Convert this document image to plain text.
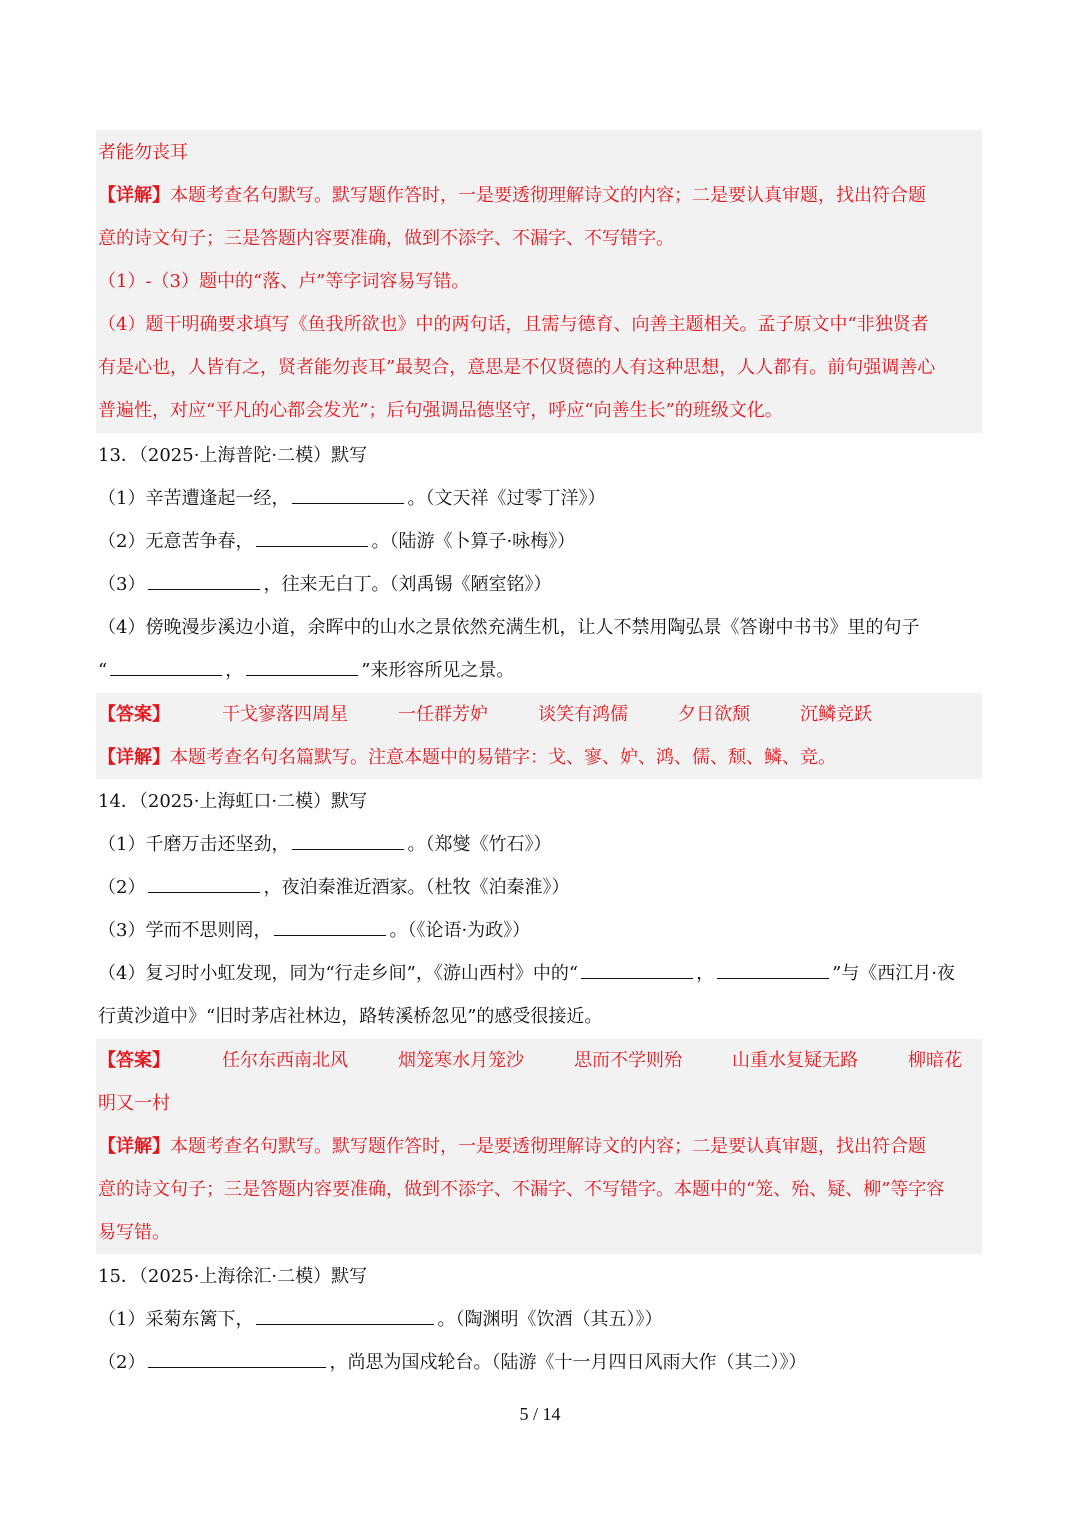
者能勿丧耳
【详解】本题考查名句默写。默写题作答时，一是要透彻理解诗文的内容；二是要认真审题，找出符合题
意的诗文句子；三是答题内容要准确，做到不添字、不漏字、不写错字。
（1）-（3）题中的“落、卢”等字词容易写错。
（4）题干明确要求填写《鱼我所欲也》中的两句话，且需与德育、向善主题相关。孟子原文中“非独贤者
有是心也，人皆有之，贤者能勿丧耳”最契合，意思是不仅贤德的人有这种思想，人人都有。前句强调善心
普遍性，对应“平凡的心都会发光”；后句强调品德坚守，呼应“向善生长”的班级文化。
13．（2025·上海普陀·二模）默写
（1）辛苦遭逢起一经，	。（文天祥《过零丁洋》）
（2）无意苦争春，	。（陆游《卜算子·咏梅》）
（3）	，往来无白丁。（刘禹锡《陋室铭》）
（4）傍晚漫步溪边小道，余晖中的山水之景依然充满生机，让人不禁用陶弘景《答谢中书书》里的句子
“	，	”来形容所见之景。
【答案】	干戈寥落四周星	一任群芳妒	谈笑有鸿儒	夕日欲颓	沉鳞竞跃
【详解】本题考查名句名篇默写。注意本题中的易错字：戈、寥、妒、鸿、儒、颓、鳞、竞。
14．（2025·上海虹口·二模）默写
（1）千磨万击还坚劲，	。（郑燮《竹石》）
（2）	，夜泊秦淮近酒家。（杜牧《泊秦淮》）
（3）学而不思则罔，	。（《论语·为政》）
（4）复习时小虹发现，同为“行走乡间”，《游山西村》中的“	，	”与《西江月·夜
行黄沙道中》“旧时茅店社林边，路转溪桥忽见”的感受很接近。
【答案】	任尔东西南北风	烟笼寒水月笼沙	思而不学则殆	山重水复疑无路	柳暗花
明又一村
【详解】本题考查名句默写。默写题作答时，一是要透彻理解诗文的内容；二是要认真审题，找出符合题
意的诗文句子；三是答题内容要准确，做到不添字、不漏字、不写错字。本题中的“笼、殆、疑、柳”等字容
易写错。
15．（2025·上海徐汇·二模）默写
（1）采菊东篱下，	。（陶渊明《饮酒（其五）》）
（2）	，尚思为国戍轮台。（陆游《十一月四日风雨大作（其二）》）
5 / 14
